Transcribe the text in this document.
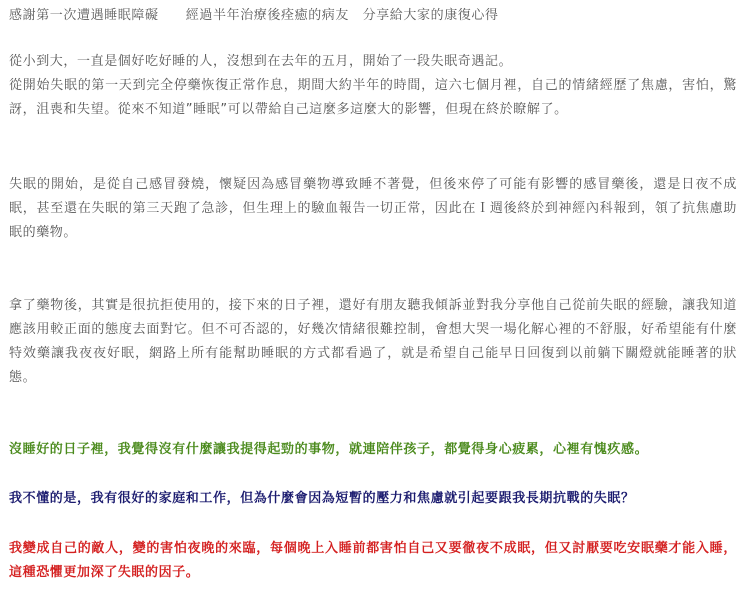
感謝第一次遭遇睡眠障礙　　經過半年治療後痊癒的病友　分享給大家的康復心得

從小到大，一直是個好吃好睡的人，沒想到在去年的五月，開始了一段失眠奇遇記。
從開始失眠的第一天到完全停藥恢復正常作息，期間大約半年的時間，這六七個月裡，自己的情緒經歷了焦慮，害怕，驚訝，沮喪和失望。從來不知道”睡眠”可以帶給自己這麼多這麼大的影響，但現在終於瞭解了。

失眠的開始，是從自己感冒發燒，懷疑因為感冒藥物導致睡不著覺，但後來停了可能有影響的感冒藥後，還是日夜不成眠，甚至還在失眠的第三天跑了急診，但生理上的驗血報告一切正常，因此在Ｉ週後終於到神經內科報到，領了抗焦慮助眠的藥物。

拿了藥物後，其實是很抗拒使用的，接下來的日子裡，還好有朋友聽我傾訴並對我分享他自己從前失眠的經驗，讓我知道應該用較正面的態度去面對它。但不可否認的，好幾次情緒很難控制，會想大哭一場化解心裡的不舒服，好希望能有什麼特效藥讓我夜夜好眠，網路上所有能幫助睡眠的方式都看過了，就是希望自己能早日回復到以前躺下關燈就能睡著的狀態。

沒睡好的日子裡，我覺得沒有什麼讓我提得起勁的事物，就連陪伴孩子，都覺得身心疲累，心裡有愧疚感。

我不懂的是，我有很好的家庭和工作，但為什麼會因為短暫的壓力和焦慮就引起要跟我長期抗戰的失眠？

我變成自己的敵人，變的害怕夜晚的來臨，每個晚上入睡前都害怕自己又要徹夜不成眠，但又討厭要吃安眠藥才能入睡，這種恐懼更加深了失眠的因子。
